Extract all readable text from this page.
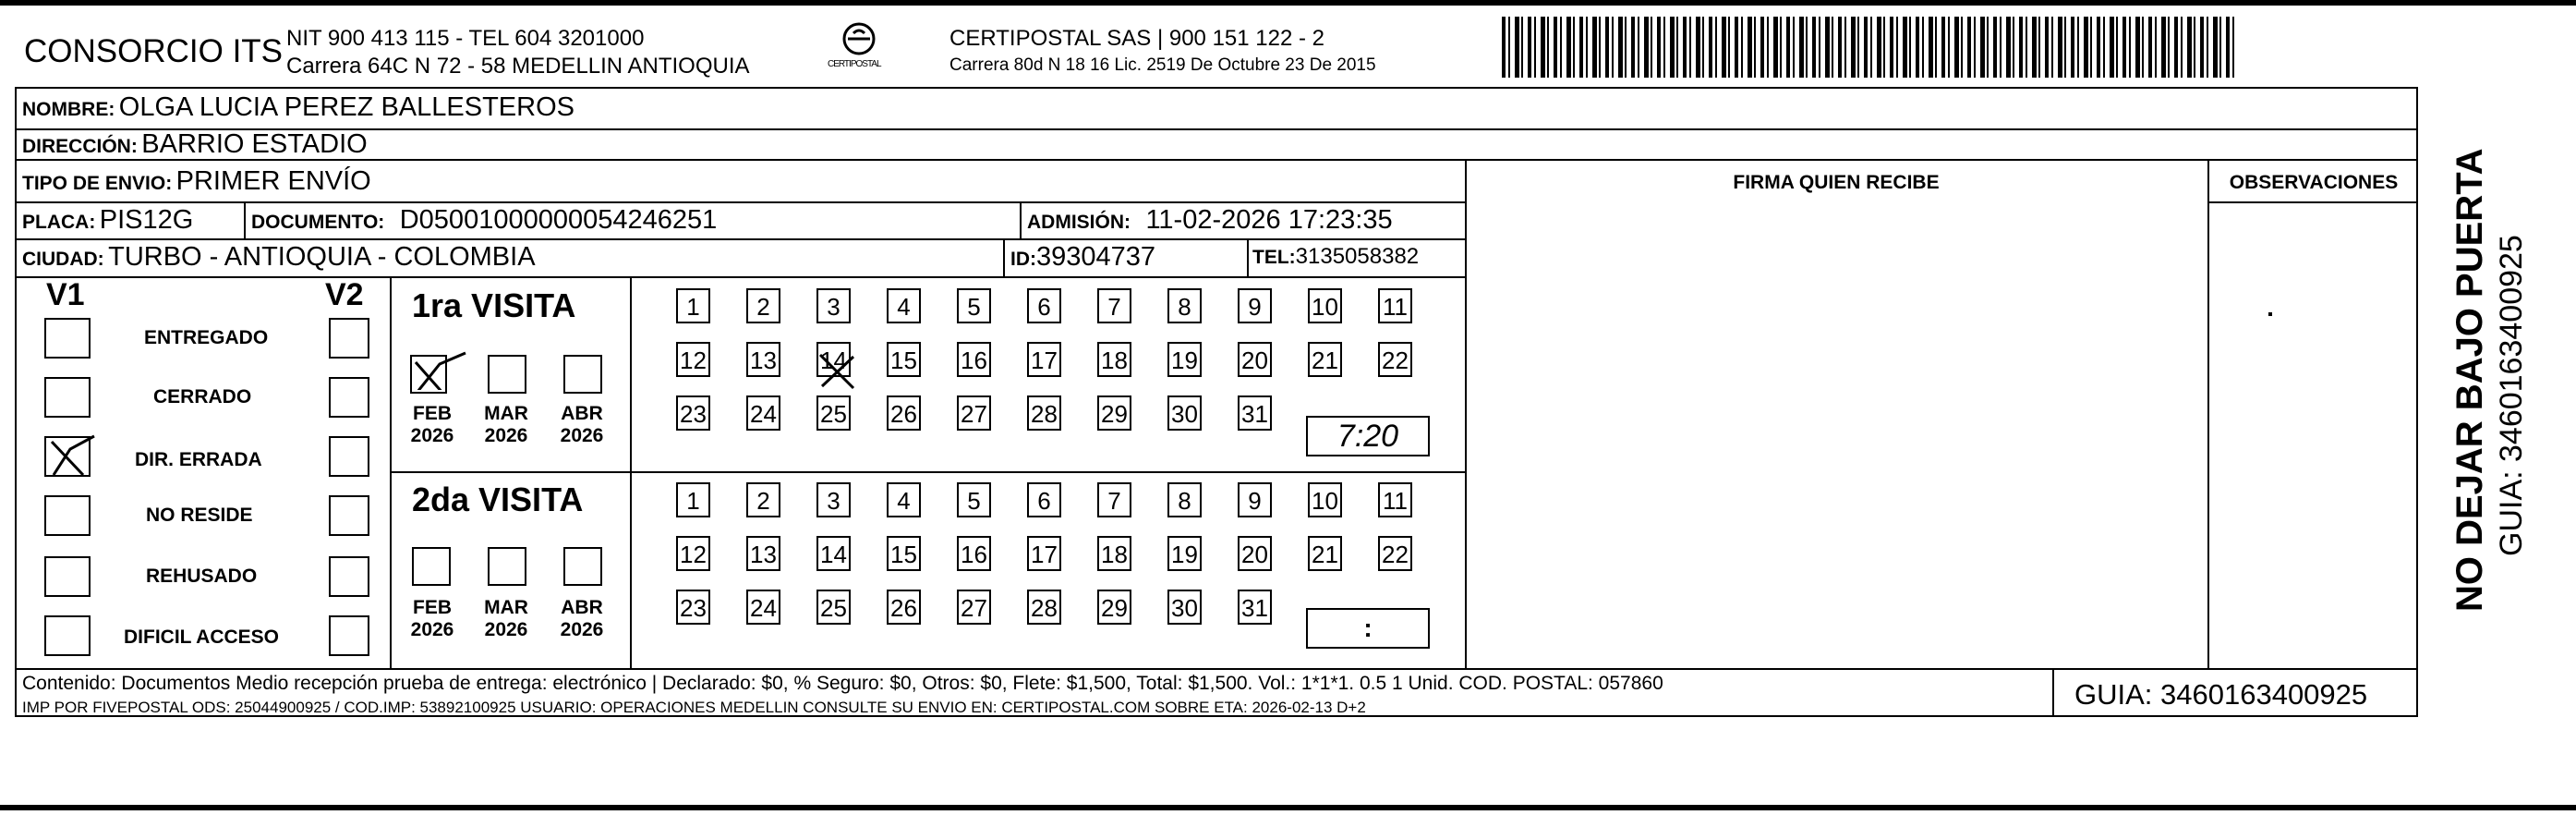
CONSORCIO ITS NIT 900 413 115 - TEL 604 3201000
Carrera 64C N 72 - 58 MEDELLIN ANTIOQUIA	CERTIPOSTAL
CERTIPOSTAL SAS | 900 151 122 - 2
Carrera 80d N 18 16 Lic. 2519 De Octubre 23 De 2015
NOMBRE: OLGA LUCIA PEREZ BALLESTEROS
DIRECCIÓN: BARRIO ESTADIO
TIPO DE ENVIO: PRIMER ENVÍO	FIRMA QUIEN RECIBE	OBSERVACIONES
PLACA: PIS12G	DOCUMENTO: D05001000000054246251	ADMISIÓN: 11-02-2026 17:23:35
CIUDAD: TURBO - ANTIOQUIA - COLOMBIA	ID:39304737	TEL:3135058382
V1	V2
ENTREGADO
CERRADO
DIR. ERRADA
NO RESIDE
REHUSADO
DIFICIL ACCESO
1ra VISITA
FEB
2026
MAR
2026
ABR
2026
1	2	3	4	5	6	7	8	9	10 11
12 13 14 15 16 17 18 19 20 21 22
23 24 25 26 27 28 29 30 31
7:20
2da VISITA
FEB
2026
MAR
2026
ABR
2026
1	2	3	4	5	6	7	8	9	10 11
12 13 14 15 16 17 18 19 20 21 22
23 24 25 26 27 28 29 30 31
:
Contenido: Documentos Medio recepción prueba de entrega: electrónico | Declarado: $0, % Seguro: $0, Otros: $0, Flete: $1,500, Total: $1,500. Vol.: 1*1*1. 0.5 1 Unid. COD. POSTAL: 057860
IMP POR FIVEPOSTAL ODS: 25044900925 / COD.IMP: 53892100925 USUARIO: OPERACIONES MEDELLIN CONSULTE SU ENVIO EN: CERTIPOSTAL.COM SOBRE ETA: 2026-02-13 D+2	GUIA: 3460163400925
NO DEJAR BAJO PUERTA GUIA: 3460163400925
